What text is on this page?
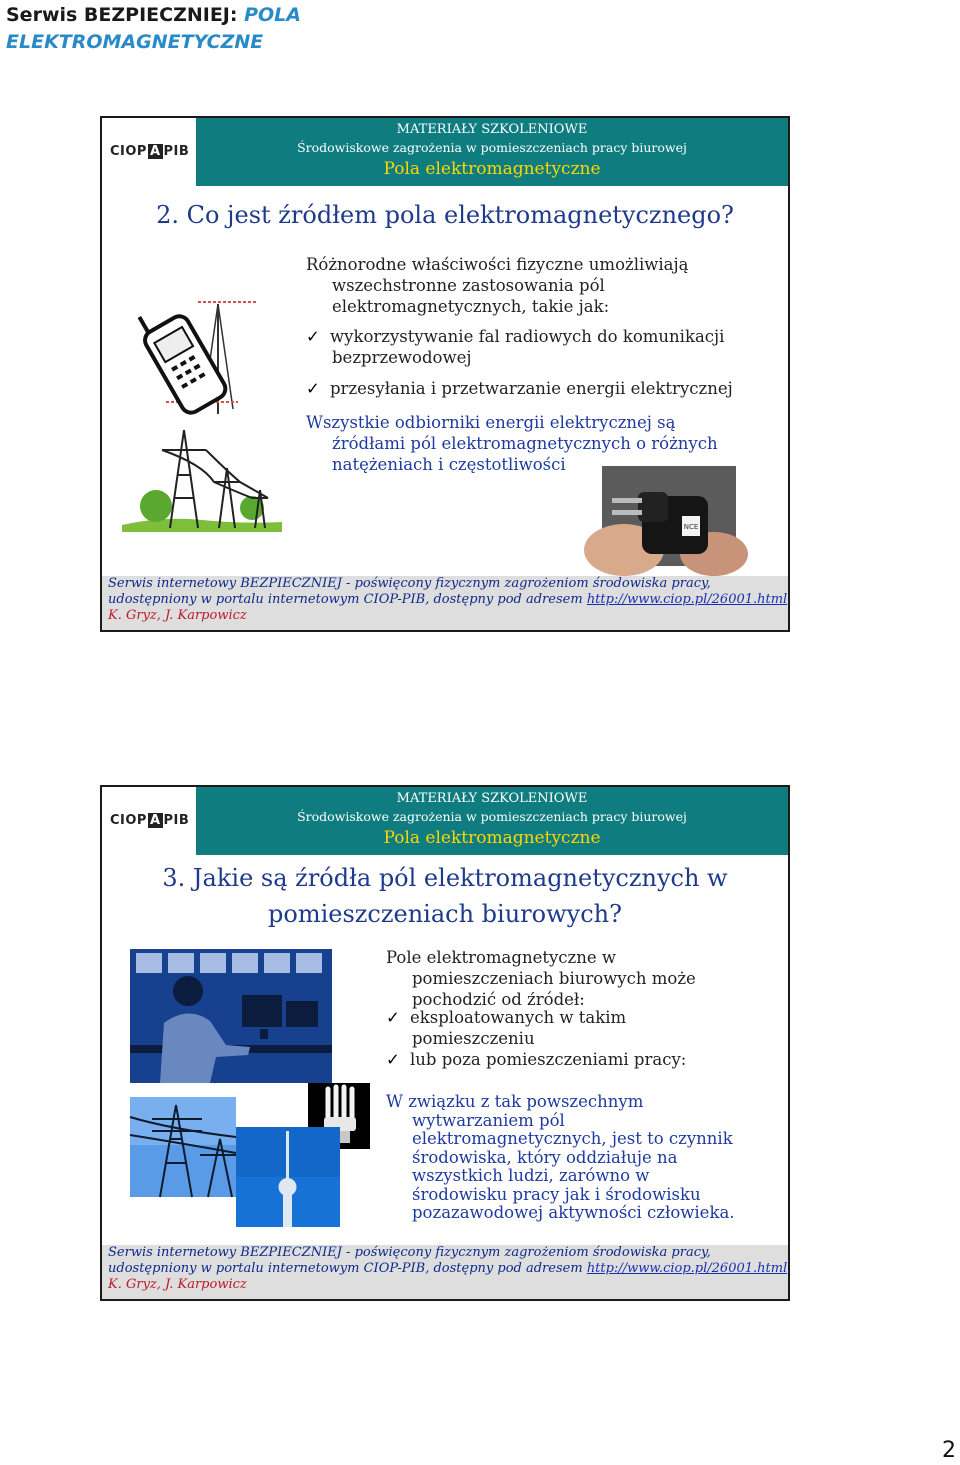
Serwis BEZPIECZNIEJ: POLA
ELEKTROMAGNETYCZNE
CIOP A PIB
MATERIAŁY SZKOLENIOWE
Środowiskowe zagrożenia w pomieszczeniach pracy biurowej
Pola elektromagnetyczne
2. Co jest źródłem pola elektromagnetycznego?
Różnorodne właściwości fizyczne umożliwiają
wszechstronne zastosowania pól
elektromagnetycznych, takie jak:
✓ wykorzystywanie fal radiowych do komunikacji
bezprzewodowej
✓ przesyłania i przetwarzanie energii elektrycznej
Wszystkie odbiorniki energii elektrycznej są
źródłami pól elektromagnetycznych o różnych
natężeniach i częstotliwości
NCE
Serwis internetowy BEZPIECZNIEJ - poświęcony fizycznym zagrożeniom środowiska pracy,
udostępniony w portalu internetowym CIOP-PIB, dostępny pod adresem http://www.ciop.pl/26001.html.
K. Gryz, J. Karpowicz
CIOP A PIB
MATERIAŁY SZKOLENIOWE
Środowiskowe zagrożenia w pomieszczeniach pracy biurowej
Pola elektromagnetyczne
3. Jakie są źródła pól elektromagnetycznych w
pomieszczeniach biurowych?
Pole elektromagnetyczne w
pomieszczeniach biurowych może
pochodzić od źródeł:
✓ eksploatowanych w takim
pomieszczeniu
✓ lub poza pomieszczeniami pracy:
W związku z tak powszechnym
wytwarzaniem pól
elektromagnetycznych, jest to czynnik
środowiska, który oddziałuje na
wszystkich ludzi, zarówno w
środowisku pracy jak i środowisku
pozazawodowej aktywności człowieka.
Serwis internetowy BEZPIECZNIEJ - poświęcony fizycznym zagrożeniom środowiska pracy,
udostępniony w portalu internetowym CIOP-PIB, dostępny pod adresem http://www.ciop.pl/26001.html.
K. Gryz, J. Karpowicz
2
